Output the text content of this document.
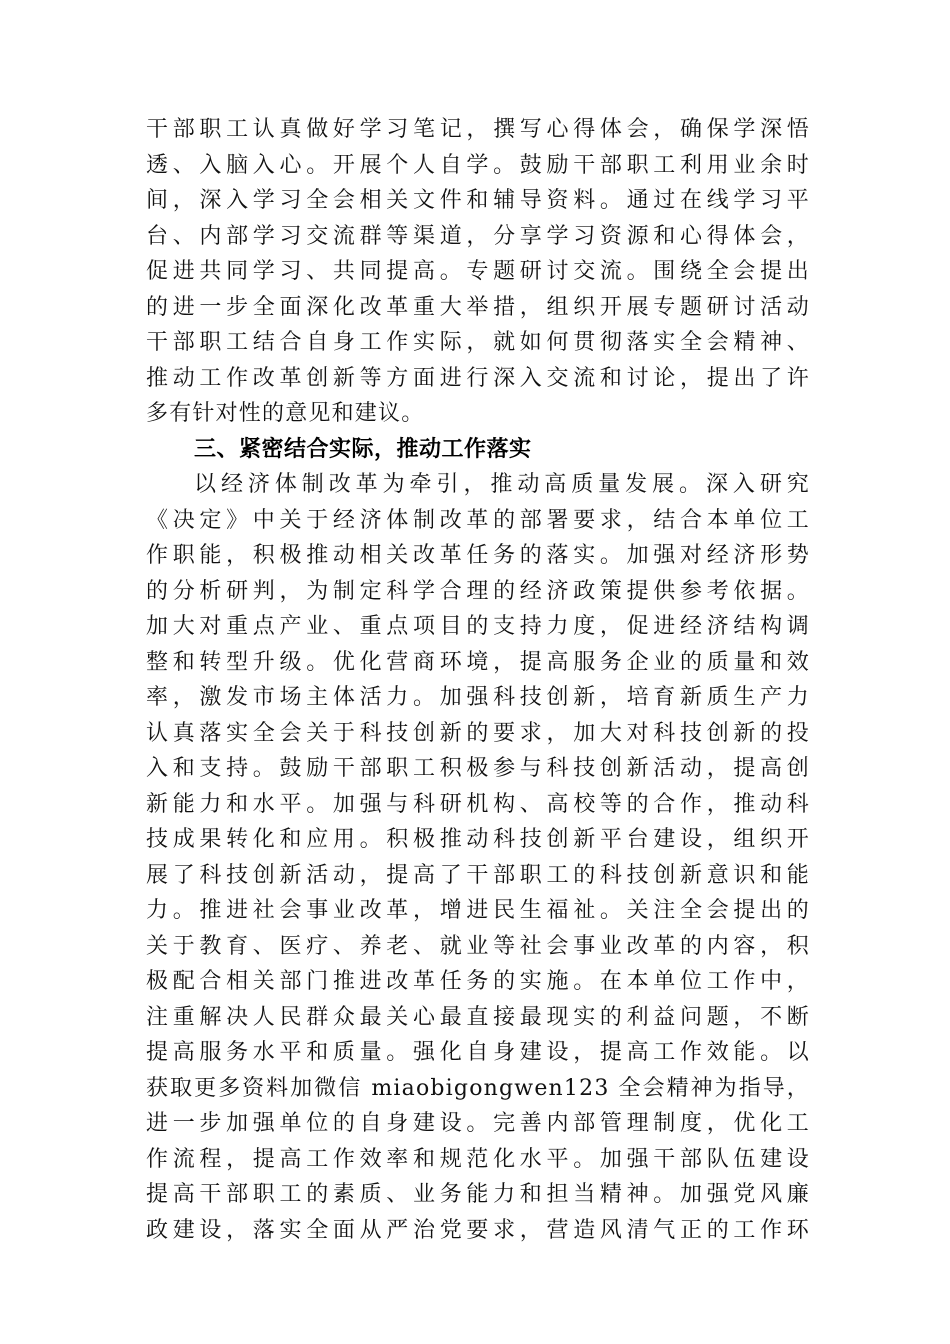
干部职工认真做好学习笔记，撰写心得体会，确保学深悟
透、入脑入心。开展个人自学。鼓励干部职工利用业余时
间，深入学习全会相关文件和辅导资料。通过在线学习平
台、内部学习交流群等渠道，分享学习资源和心得体会，
促进共同学习、共同提高。专题研讨交流。围绕全会提出
的进一步全面深化改革重大举措，组织开展专题研讨活动
干部职工结合自身工作实际，就如何贯彻落实全会精神、
推动工作改革创新等方面进行深入交流和讨论，提出了许
多有针对性的意见和建议。
三、紧密结合实际，推动工作落实
以经济体制改革为牵引，推动高质量发展。深入研究
《决定》中关于经济体制改革的部署要求，结合本单位工
作职能，积极推动相关改革任务的落实。加强对经济形势
的分析研判，为制定科学合理的经济政策提供参考依据。
加大对重点产业、重点项目的支持力度，促进经济结构调
整和转型升级。优化营商环境，提高服务企业的质量和效
率，激发市场主体活力。加强科技创新，培育新质生产力
认真落实全会关于科技创新的要求，加大对科技创新的投
入和支持。鼓励干部职工积极参与科技创新活动，提高创
新能力和水平。加强与科研机构、高校等的合作，推动科
技成果转化和应用。积极推动科技创新平台建设，组织开
展了科技创新活动，提高了干部职工的科技创新意识和能
力。推进社会事业改革，增进民生福祉。关注全会提出的
关于教育、医疗、养老、就业等社会事业改革的内容，积
极配合相关部门推进改革任务的实施。在本单位工作中，
注重解决人民群众最关心最直接最现实的利益问题，不断
提高服务水平和质量。强化自身建设，提高工作效能。以
获取更多资料加微信 miaobigongwen123 全会精神为指导，
进一步加强单位的自身建设。完善内部管理制度，优化工
作流程，提高工作效率和规范化水平。加强干部队伍建设
提高干部职工的素质、业务能力和担当精神。加强党风廉
政建设，落实全面从严治党要求，营造风清气正的工作环
